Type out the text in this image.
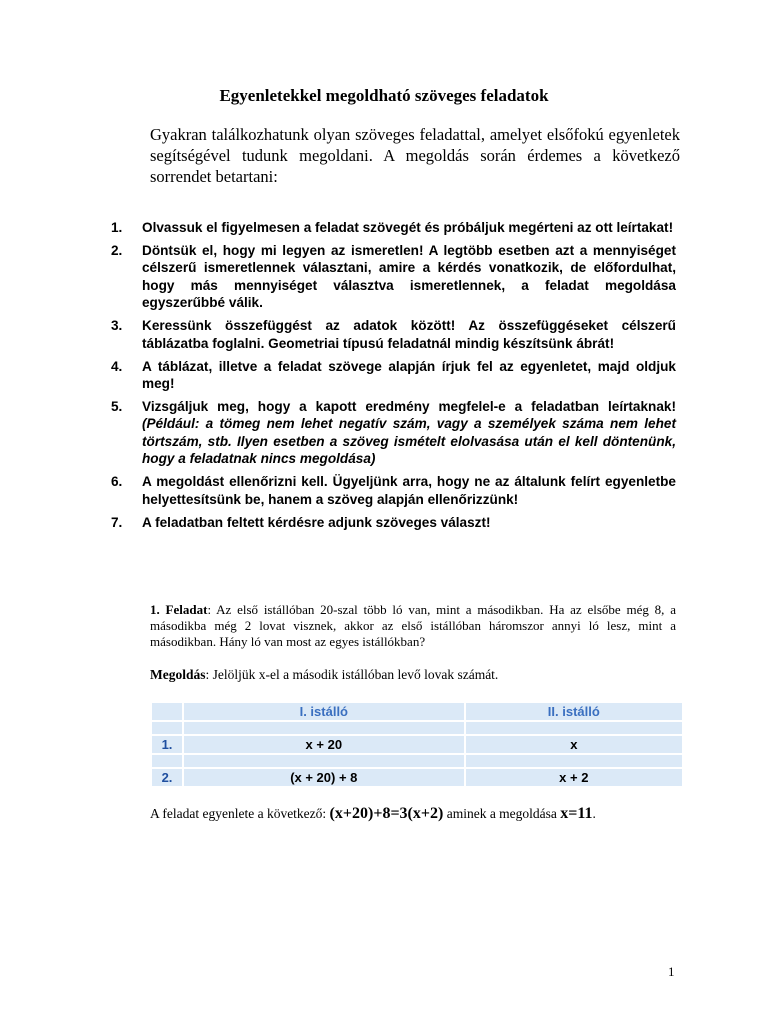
Egyenletekkel megoldható szöveges feladatok
Gyakran találkozhatunk olyan szöveges feladattal, amelyet elsőfokú egyenletek segítségével tudunk megoldani. A megoldás során érdemes a következő sorrendet betartani:
1. Olvassuk el figyelmesen a feladat szövegét és próbáljuk megérteni az ott leírtakat!
2. Döntsük el, hogy mi legyen az ismeretlen! A legtöbb esetben azt a mennyiséget célszerű ismeretlennek választani, amire a kérdés vonatkozik, de előfordulhat, hogy más mennyiséget választva ismeretlennek, a feladat megoldása egyszerűbbé válik.
3. Keressünk összefüggést az adatok között! Az összefüggéseket célszerű táblázatba foglalni. Geometriai típusú feladatnál mindig készítsünk ábrát!
4. A táblázat, illetve a feladat szövege alapján írjuk fel az egyenletet, majd oldjuk meg!
5. Vizsgáljuk meg, hogy a kapott eredmény megfelel-e a feladatban leírtaknak! (Például: a tömeg nem lehet negatív szám, vagy a személyek száma nem lehet törtszám, stb. Ilyen esetben a szöveg ismételt elolvasása után el kell döntenünk, hogy a feladatnak nincs megoldása)
6. A megoldást ellenőrizni kell. Ügyeljünk arra, hogy ne az általunk felírt egyenletbe helyettesítsünk be, hanem a szöveg alapján ellenőrizzünk!
7. A feladatban feltett kérdésre adjunk szöveges választ!
1. Feladat: Az első istállóban 20-szal több ló van, mint a másodikban. Ha az elsőbe még 8, a másodikba még 2 lovat visznek, akkor az első istállóban háromszor annyi ló lesz, mint a másodikban. Hány ló van most az egyes istállókban?
Megoldás: Jelöljük x-el a második istállóban levő lovak számát.
	I. istálló	II. istálló

1.	x + 20	x

2.	(x + 20) + 8	x + 2
A feladat egyenlete a következő: (x+20)+8=3(x+2) aminek a megoldása x=11.
1
